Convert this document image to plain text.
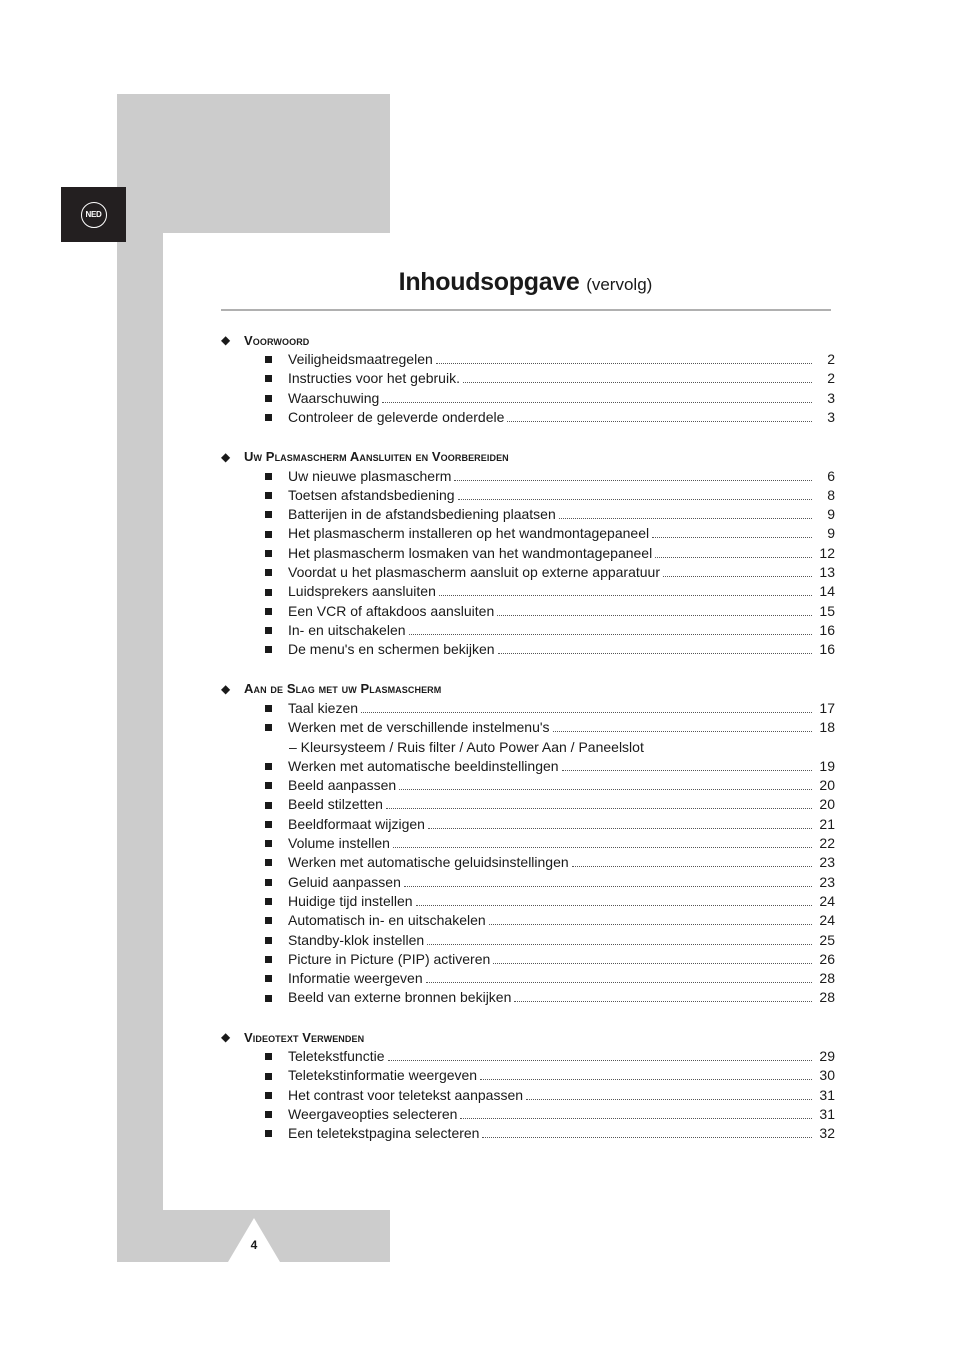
NED
Inhoudsopgave (vervolg)
◆	Voorwoord
Veiligheidsmaatregelen	2
Instructies voor het gebruik.	2
Waarschuwing	3
Controleer de geleverde onderdele	3
◆	Uw Plasmascherm Aansluiten en Voorbereiden
Uw nieuwe plasmascherm	6
Toetsen afstandsbediening	8
Batterijen in de afstandsbediening plaatsen	9
Het plasmascherm installeren op het wandmontagepaneel	9
Het plasmascherm losmaken van het wandmontagepaneel	12
Voordat u het plasmascherm aansluit op externe apparatuur	13
Luidsprekers aansluiten	14
Een VCR of aftakdoos aansluiten	15
In- en uitschakelen	16
De menu's en schermen bekijken	16
◆	Aan de Slag met uw Plasmascherm
Taal kiezen	17
Werken met de verschillende instelmenu's	18
– Kleursysteem / Ruis filter / Auto Power Aan / Paneelslot
Werken met automatische beeldinstellingen	19
Beeld aanpassen	20
Beeld stilzetten	20
Beeldformaat wijzigen	21
Volume instellen	22
Werken met automatische geluidsinstellingen	23
Geluid aanpassen	23
Huidige tijd instellen	24
Automatisch in- en uitschakelen	24
Standby-klok instellen	25
Picture in Picture (PIP) activeren	26
Informatie weergeven	28
Beeld van externe bronnen bekijken	28
◆	Videotext Verwenden
Teletekstfunctie	29
Teletekstinformatie weergeven	30
Het contrast voor teletekst aanpassen	31
Weergaveopties selecteren	31
Een teletekstpagina selecteren	32
4
